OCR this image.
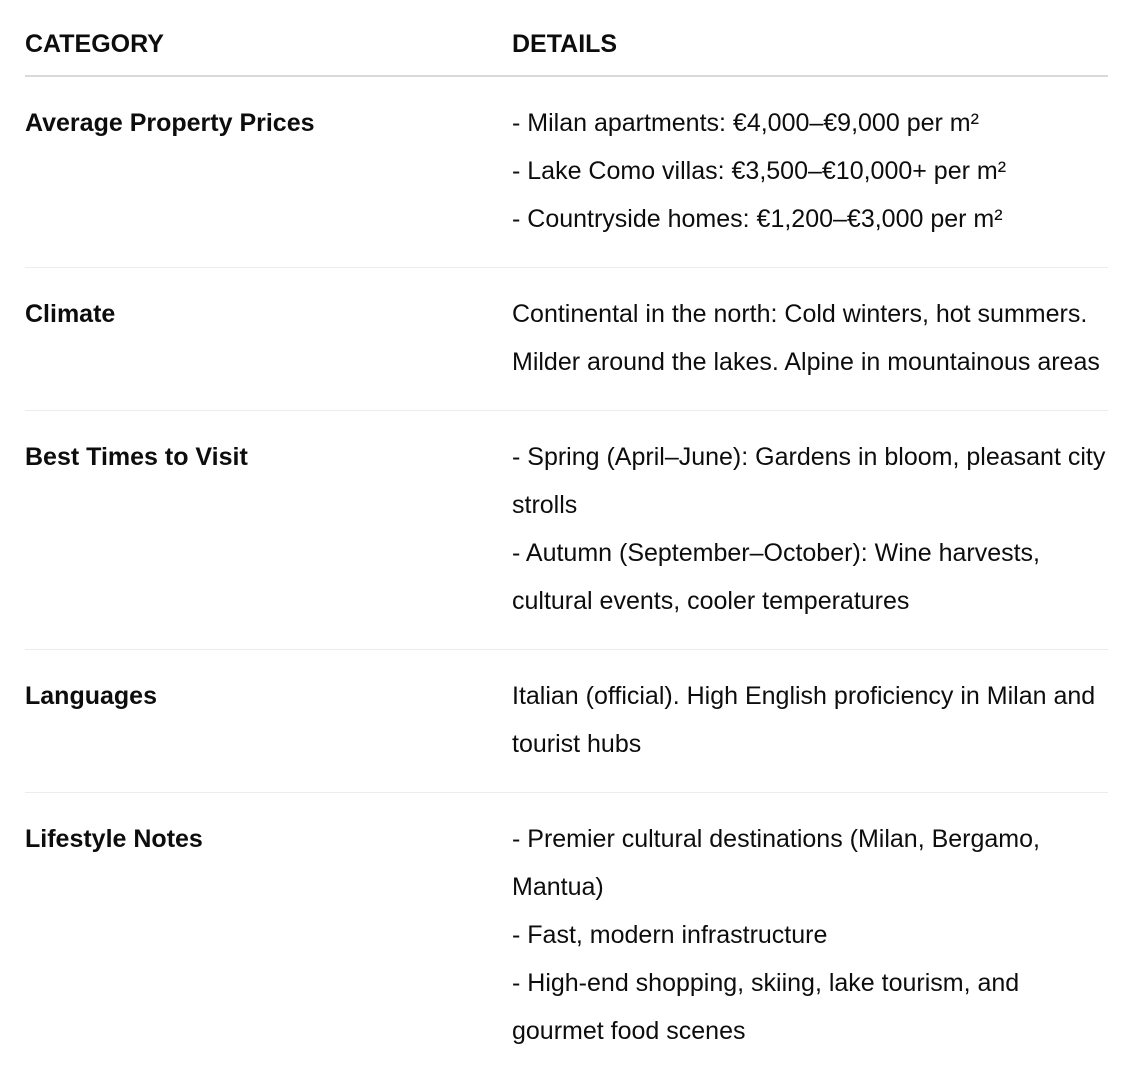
CATEGORY	DETAILS
Average Property Prices	- Milan apartments: €4,000–€9,000 per m²
- Lake Como villas: €3,500–€10,000+ per m²
- Countryside homes: €1,200–€3,000 per m²

Climate	Continental in the north: Cold winters, hot summers. Milder around the lakes. Alpine in mountainous areas

Best Times to Visit	- Spring (April–June): Gardens in bloom, pleasant city strolls
- Autumn (September–October): Wine harvests, cultural events, cooler temperatures

Languages	Italian (official). High English proficiency in Milan and tourist hubs

Lifestyle Notes	- Premier cultural destinations (Milan, Bergamo, Mantua)
- Fast, modern infrastructure
- High-end shopping, skiing, lake tourism, and gourmet food scenes
